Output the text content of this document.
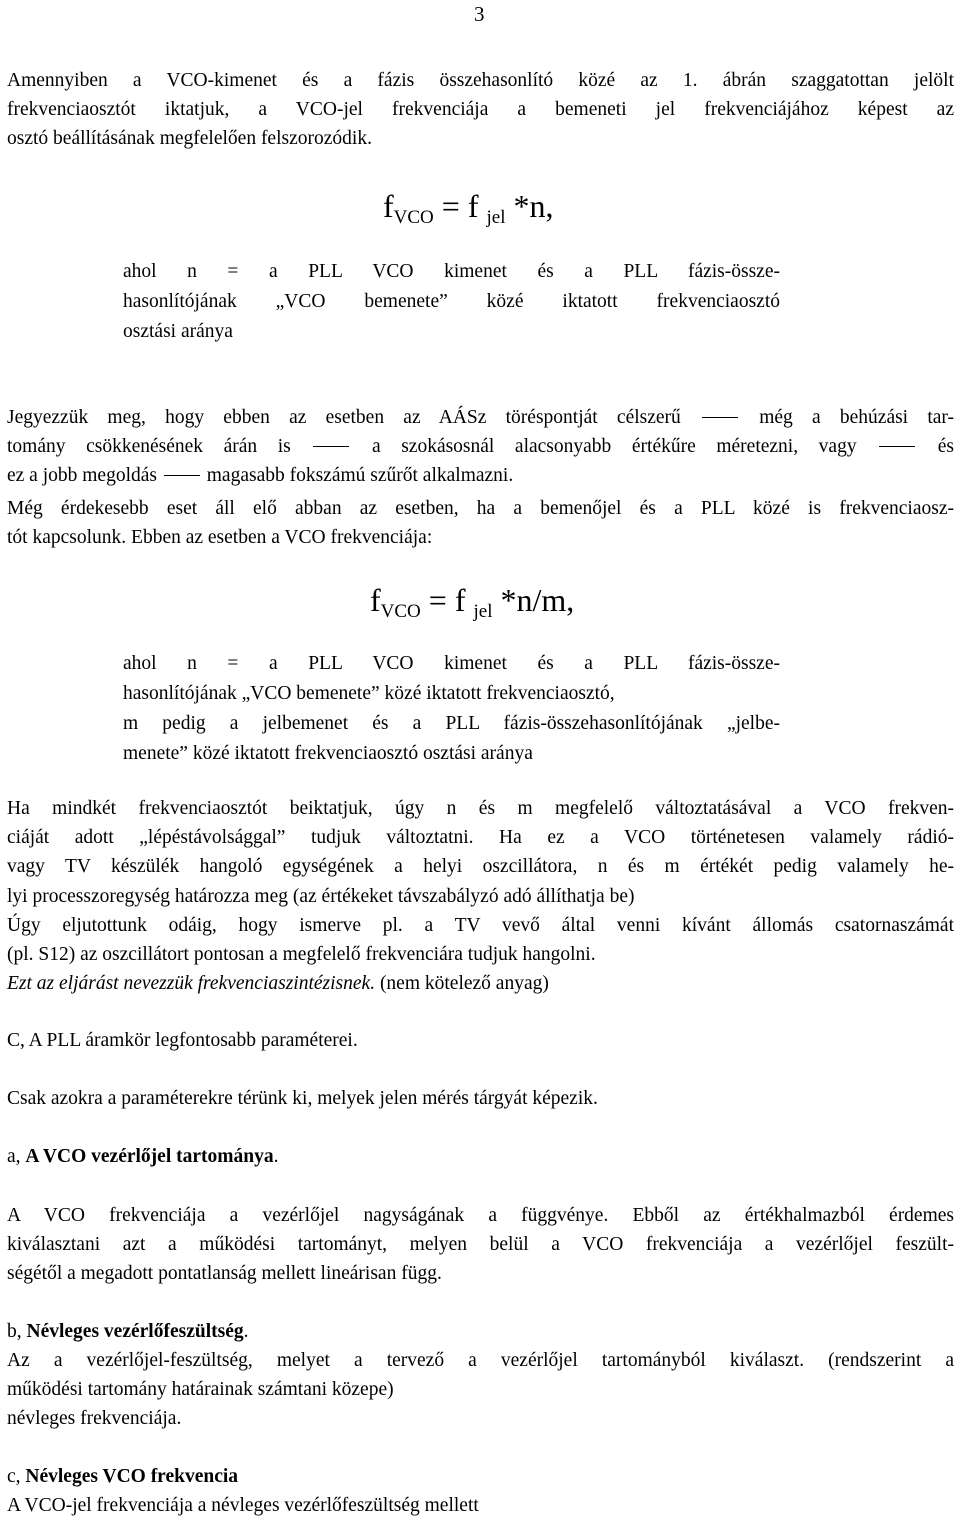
3
Amennyiben a VCO-kimenet és a fázis összehasonlító közé az 1. ábrán szaggatottan jelölt
frekvenciaosztót iktatjuk, a VCO-jel frekvenciája a bemeneti jel frekvenciájához képest az
osztó beállításának megfelelően felszorozódik.
$f_{VCO} = f$ $_{jel}$ *n,
ahol n = a PLL VCO kimenet és a PLL fázis-össze-
hasonlítójának „VCO bemenete” közé iktatott frekvenciaosztó
osztási aránya
Jegyezzük meg, hogy ebben az esetben az AÁSz töréspontját célszerű	még a behúzási tar-
tomány csökkenésének árán is	a szokásosnál alacsonyabb értékűre méretezni, vagy	és
ez a jobb megoldás	magasabb fokszámú szűrőt alkalmazni.
Még érdekesebb eset áll elő abban az esetben, ha a bemenőjel és a PLL közé is frekvenciaosz-
tót kapcsolunk. Ebben az esetben a VCO frekvenciája:
$f_{VCO} = f$ $_{jel}$ *n/m,
ahol n = a PLL VCO kimenet és a PLL fázis-össze-
hasonlítójának „VCO bemenete” közé iktatott frekvenciaosztó,
m pedig a jelbemenet és a PLL fázis-összehasonlítójának „jelbe-
menete” közé iktatott frekvenciaosztó osztási aránya
Ha mindkét frekvenciaosztót beiktatjuk, úgy n és m megfelelő változtatásával a VCO frekven-
ciáját adott „lépéstávolsággal” tudjuk változtatni. Ha ez a VCO történetesen valamely rádió-
vagy TV készülék hangoló egységének a helyi oszcillátora, n és m értékét pedig valamely he-
lyi processzoregység határozza meg (az értékeket távszabályzó adó állíthatja be)
Úgy eljutottunk odáig, hogy ismerve pl. a TV vevő által venni kívánt állomás csatornaszámát
(pl. S12) az oszcillátort pontosan a megfelelő frekvenciára tudjuk hangolni.
Ezt az eljárást nevezzük frekvenciaszintézisnek. (nem kötelező anyag)
C, A PLL áramkör legfontosabb paraméterei.
Csak azokra a paraméterekre térünk ki, melyek jelen mérés tárgyát képezik.
a, A VCO vezérlőjel tartománya.
A VCO frekvenciája a vezérlőjel nagyságának a függvénye. Ebből az értékhalmazból érdemes
kiválasztani azt a működési tartományt, melyen belül a VCO frekvenciája a vezérlőjel feszült-
ségétől a megadott pontatlanság mellett lineárisan függ.
b, Névleges vezérlőfeszültség.
Az a vezérlőjel-feszültség, melyet a tervező a vezérlőjel tartományból kiválaszt. (rendszerint a
működési tartomány határainak számtani közepe)
névleges frekvenciája.
c, Névleges VCO frekvencia
A VCO-jel frekvenciája a névleges vezérlőfeszültség mellett
